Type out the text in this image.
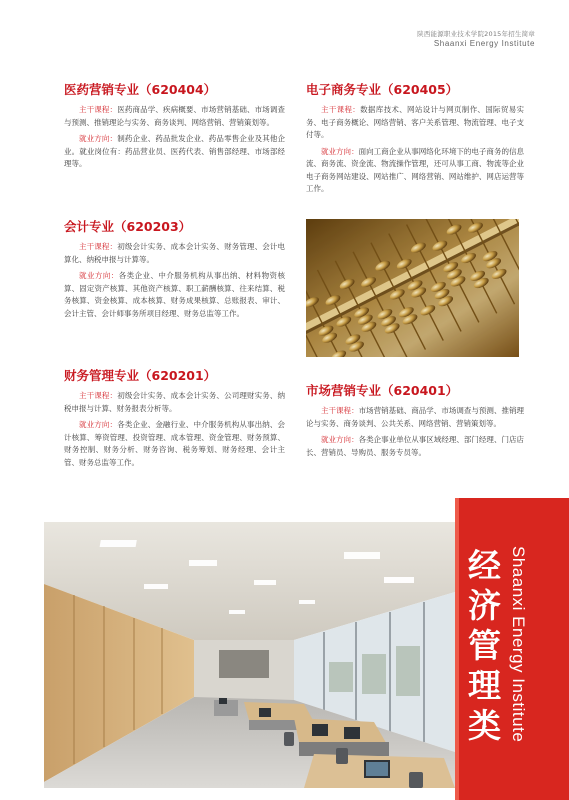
陕西能源职业技术学院2015年招生简章
Shaanxi Energy Institute
医药营销专业（620404）

主干课程：医药商品学、疾病概要、市场营销基础、市场调查与预测、推销理论与实务、商务谈判、网络营销、营销策划等。

就业方向：制药企业、药品批发企业、药品零售企业及其他企业。就业岗位有：药品营业员、医药代表、销售部经理、市场部经理等。

电子商务专业（620405）

主干课程：数据库技术、网站设计与网页制作、国际贸易实务、电子商务概论、网络营销、客户关系管理、物流管理、电子支付等。

就业方向：面向工商企业从事网络化环境下的电子商务的信息流、商务流、资金流、物流操作管理，还可从事工商、物流等企业电子商务网站建设、网站推广、网络营销、网站维护、网店运营等工作。

会计专业（620203）

主干课程：初级会计实务、成本会计实务、财务管理、会计电算化、纳税申报与计算等。

就业方向：各类企业、中介服务机构从事出纳、材料物资核算、固定资产核算、其他资产核算、职工薪酬核算、往来结算、税务核算、资金核算、成本核算、财务成果核算、总账报表、审计、会计主管、会计师事务所项目经理、财务总监等工作。

财务管理专业（620201）

主干课程：初级会计实务、成本会计实务、公司理财实务、纳税申报与计算、财务报表分析等。

就业方向：各类企业、金融行业、中介服务机构从事出纳、会计核算、筹资管理、投资管理、成本管理、资金管理、财务预算、财务控制、财务分析、财务咨询、税务筹划、财务经理、会计主管、财务总监等工作。

市场营销专业（620401）

主干课程：市场营销基础、商品学、市场调查与预测、推销理论与实务、商务谈判、公共关系、网络营销、营销策划等。

就业方向：各类企事业单位从事区域经理、部门经理、门店店长、营销员、导购员、服务专员等。

经济管理类 Shaanxi Energy Institute
